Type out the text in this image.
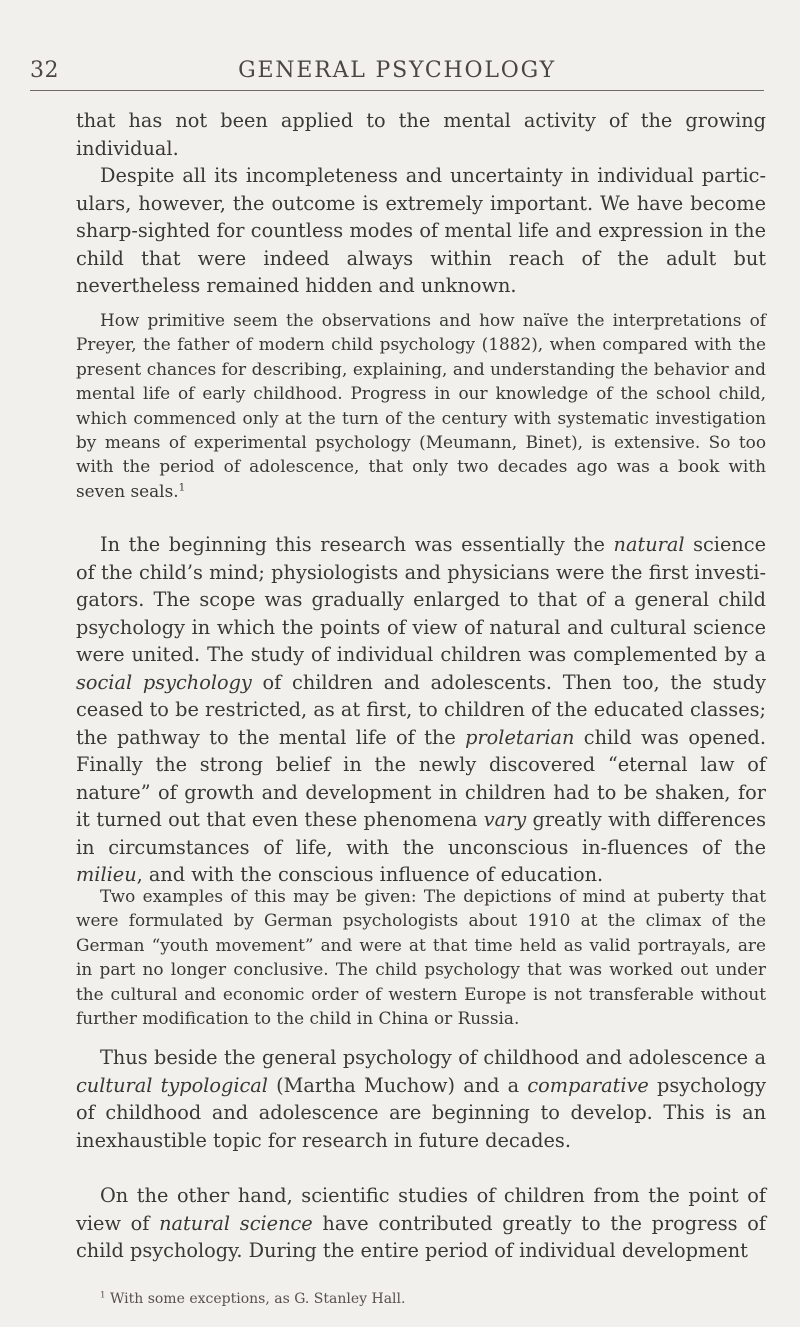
32	GENERAL PSYCHOLOGY

that has not been applied to the mental activity of the growing individual.

Despite all its incompleteness and uncertainty in individual partic-ulars, however, the outcome is extremely important. We have become sharp-sighted for countless modes of mental life and expression in the child that were indeed always within reach of the adult but nevertheless remained hidden and unknown.

How primitive seem the observations and how naïve the interpretations of Preyer, the father of modern child psychology (1882), when compared with the present chances for describing, explaining, and understanding the behavior and mental life of early childhood. Progress in our knowledge of the school child, which commenced only at the turn of the century with systematic investigation by means of experimental psychology (Meumann, Binet), is extensive. So too with the period of adolescence, that only two decades ago was a book with seven seals.$^1$

In the beginning this research was essentially the natural science of the child’s mind; physiologists and physicians were the first investi-gators. The scope was gradually enlarged to that of a general child psychology in which the points of view of natural and cultural science were united. The study of individual children was complemented by a social psychology of children and adolescents. Then too, the study ceased to be restricted, as at first, to children of the educated classes; the pathway to the mental life of the proletarian child was opened. Finally the strong belief in the newly discovered “eternal law of nature” of growth and development in children had to be shaken, for it turned out that even these phenomena vary greatly with differences in circumstances of life, with the unconscious in-fluences of the milieu, and with the conscious influence of education.

Two examples of this may be given: The depictions of mind at puberty that were formulated by German psychologists about 1910 at the climax of the German “youth movement” and were at that time held as valid portrayals, are in part no longer conclusive. The child psychology that was worked out under the cultural and economic order of western Europe is not transferable without further modification to the child in China or Russia.

Thus beside the general psychology of childhood and adolescence a cultural typological (Martha Muchow) and a comparative psychology of childhood and adolescence are beginning to develop. This is an inexhaustible topic for research in future decades.

On the other hand, scientific studies of children from the point of view of natural science have contributed greatly to the progress of child psychology. During the entire period of individual development

$^1$ With some exceptions, as G. Stanley Hall.
